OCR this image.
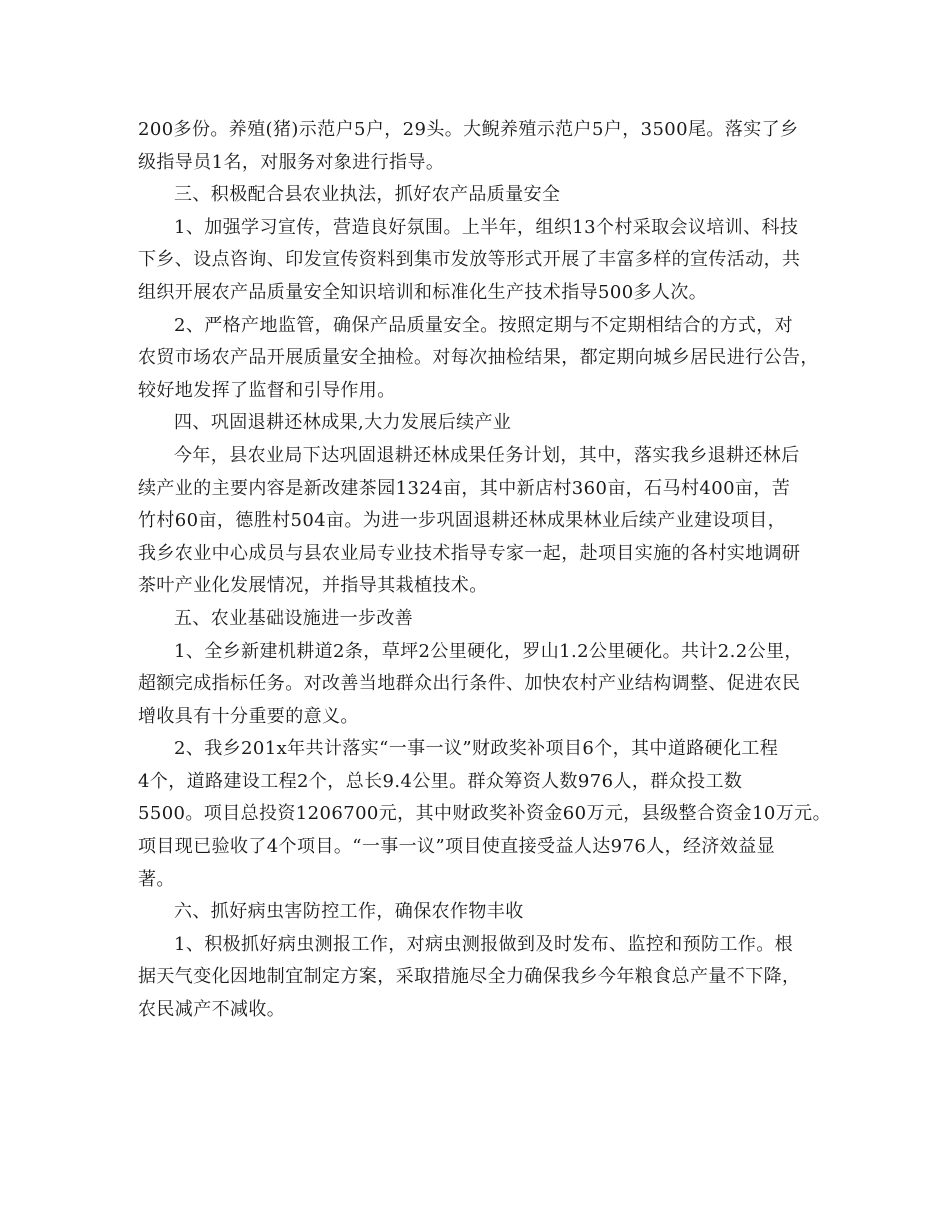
200多份。养殖(猪)示范户5户，29头。大鲵养殖示范户5户，3500尾。落实了乡
级指导员1名，对服务对象进行指导。
三、积极配合县农业执法，抓好农产品质量安全
1、加强学习宣传，营造良好氛围。上半年，组织13个村采取会议培训、科技
下乡、设点咨询、印发宣传资料到集市发放等形式开展了丰富多样的宣传活动，共
组织开展农产品质量安全知识培训和标准化生产技术指导500多人次。
2、严格产地监管，确保产品质量安全。按照定期与不定期相结合的方式，对
农贸市场农产品开展质量安全抽检。对每次抽检结果，都定期向城乡居民进行公告，
较好地发挥了监督和引导作用。
四、巩固退耕还林成果,大力发展后续产业
今年，县农业局下达巩固退耕还林成果任务计划，其中，落实我乡退耕还林后
续产业的主要内容是新改建茶园1324亩，其中新店村360亩，石马村400亩，苦
竹村60亩，德胜村504亩。为进一步巩固退耕还林成果林业后续产业建设项目，
我乡农业中心成员与县农业局专业技术指导专家一起，赴项目实施的各村实地调研
茶叶产业化发展情况，并指导其栽植技术。
五、农业基础设施进一步改善
1、全乡新建机耕道2条，草坪2公里硬化，罗山1.2公里硬化。共计2.2公里，
超额完成指标任务。对改善当地群众出行条件、加快农村产业结构调整、促进农民
增收具有十分重要的意义。
2、我乡201x年共计落实“一事一议”财政奖补项目6个，其中道路硬化工程
4个，道路建设工程2个，总长9.4公里。群众筹资人数976人，群众投工数
5500。项目总投资1206700元，其中财政奖补资金60万元，县级整合资金10万元。
项目现已验收了4个项目。“一事一议”项目使直接受益人达976人，经济效益显
著。
六、抓好病虫害防控工作，确保农作物丰收
1、积极抓好病虫测报工作，对病虫测报做到及时发布、监控和预防工作。根
据天气变化因地制宜制定方案，采取措施尽全力确保我乡今年粮食总产量不下降，
农民减产不减收。
